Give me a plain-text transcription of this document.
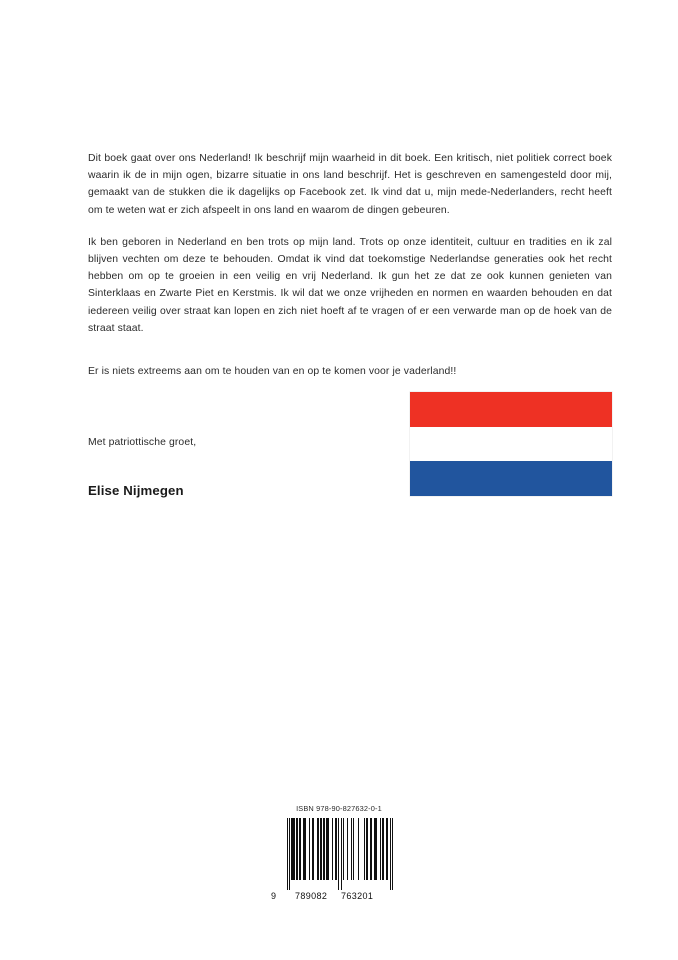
Dit boek gaat over ons Nederland! Ik beschrijf mijn waarheid in dit boek. Een kritisch, niet politiek correct boek waarin ik de in mijn ogen, bizarre situatie in ons land beschrijf. Het is geschreven en samengesteld door mij, gemaakt van de stukken die ik dagelijks op Facebook zet. Ik vind dat u, mijn mede-Nederlanders, recht heeft om te weten wat er zich afspeelt in ons land en waarom de dingen gebeuren.

Ik ben geboren in Nederland en ben trots op mijn land. Trots op onze identiteit, cultuur en tradities en ik zal blijven vechten om deze te behouden. Omdat ik vind dat toekomstige Nederlandse generaties ook het recht hebben om op te groeien in een veilig en vrij Nederland. Ik gun het ze dat ze ook kunnen genieten van Sinterklaas en Zwarte Piet en Kerstmis. Ik wil dat we onze vrijheden en normen en waarden behouden en dat iedereen veilig over straat kan lopen en zich niet hoeft af te vragen of er een verwarde man op de hoek van de straat staat.

Er is niets extreems aan om te houden van en op te komen voor je vaderland!!
Met patriottische groet,
Elise Nijmegen
ISBN 978-90-827632-0-1
9 789082 763201
